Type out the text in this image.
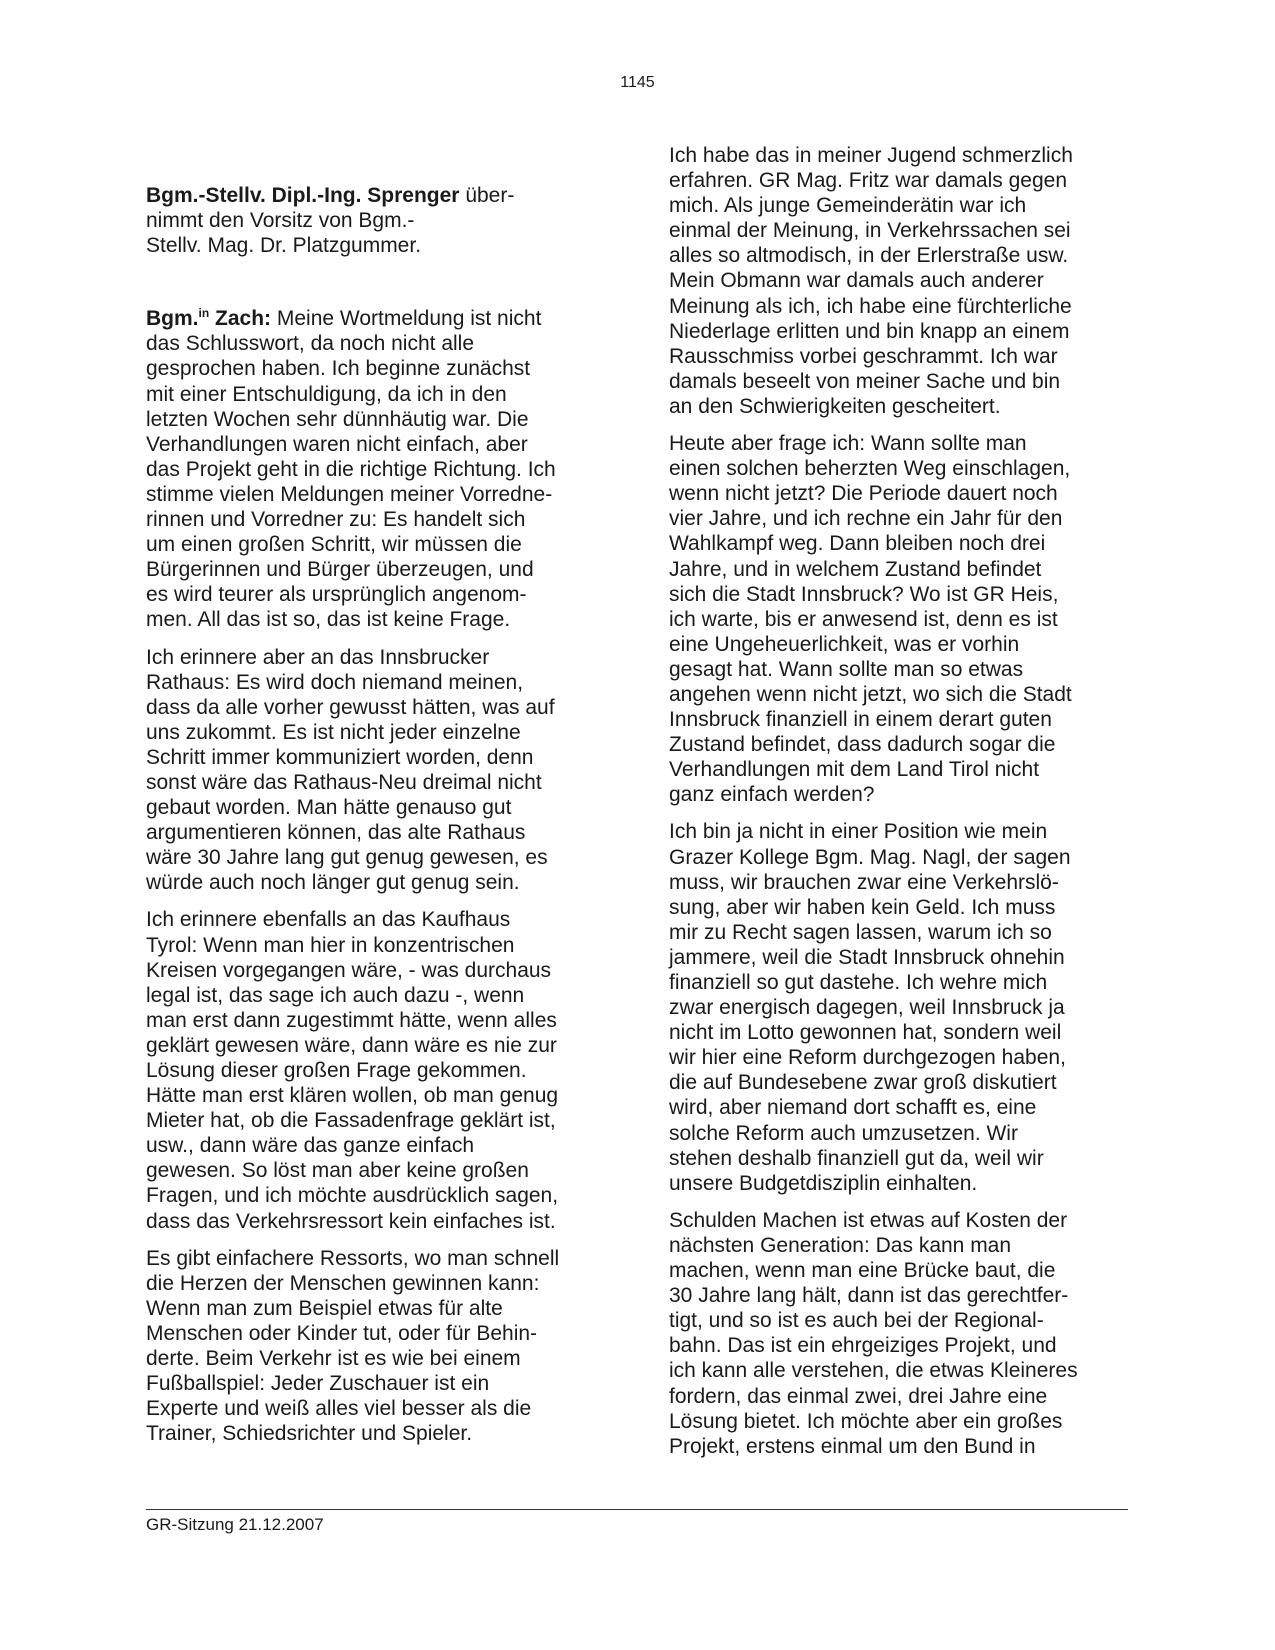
1145

Bgm.-Stellv. Dipl.-Ing. Sprenger über-
nimmt den Vorsitz von Bgm.-
Stellv. Mag. Dr. Platzgummer.

Bgm.$^{in}$ Zach: Meine Wortmeldung ist nicht
das Schlusswort, da noch nicht alle
gesprochen haben. Ich beginne zunächst
mit einer Entschuldigung, da ich in den
letzten Wochen sehr dünnhäutig war. Die
Verhandlungen waren nicht einfach, aber
das Projekt geht in die richtige Richtung. Ich
stimme vielen Meldungen meiner Vorredne-
rinnen und Vorredner zu: Es handelt sich
um einen großen Schritt, wir müssen die
Bürgerinnen und Bürger überzeugen, und
es wird teurer als ursprünglich angenom-
men. All das ist so, das ist keine Frage.

Ich erinnere aber an das Innsbrucker
Rathaus: Es wird doch niemand meinen,
dass da alle vorher gewusst hätten, was auf
uns zukommt. Es ist nicht jeder einzelne
Schritt immer kommuniziert worden, denn
sonst wäre das Rathaus-Neu dreimal nicht
gebaut worden. Man hätte genauso gut
argumentieren können, das alte Rathaus
wäre 30 Jahre lang gut genug gewesen, es
würde auch noch länger gut genug sein.

Ich erinnere ebenfalls an das Kaufhaus
Tyrol: Wenn man hier in konzentrischen
Kreisen vorgegangen wäre, - was durchaus
legal ist, das sage ich auch dazu -, wenn
man erst dann zugestimmt hätte, wenn alles
geklärt gewesen wäre, dann wäre es nie zur
Lösung dieser großen Frage gekommen.
Hätte man erst klären wollen, ob man genug
Mieter hat, ob die Fassadenfrage geklärt ist,
usw., dann wäre das ganze einfach
gewesen. So löst man aber keine großen
Fragen, und ich möchte ausdrücklich sagen,
dass das Verkehrsressort kein einfaches ist.

Es gibt einfachere Ressorts, wo man schnell
die Herzen der Menschen gewinnen kann:
Wenn man zum Beispiel etwas für alte
Menschen oder Kinder tut, oder für Behin-
derte. Beim Verkehr ist es wie bei einem
Fußballspiel: Jeder Zuschauer ist ein
Experte und weiß alles viel besser als die
Trainer, Schiedsrichter und Spieler.

Ich habe das in meiner Jugend schmerzlich
erfahren. GR Mag. Fritz war damals gegen
mich. Als junge Gemeinderätin war ich
einmal der Meinung, in Verkehrssachen sei
alles so altmodisch, in der Erlerstraße usw.
Mein Obmann war damals auch anderer
Meinung als ich, ich habe eine fürchterliche
Niederlage erlitten und bin knapp an einem
Rausschmiss vorbei geschrammt. Ich war
damals beseelt von meiner Sache und bin
an den Schwierigkeiten gescheitert.

Heute aber frage ich: Wann sollte man
einen solchen beherzten Weg einschlagen,
wenn nicht jetzt? Die Periode dauert noch
vier Jahre, und ich rechne ein Jahr für den
Wahlkampf weg. Dann bleiben noch drei
Jahre, und in welchem Zustand befindet
sich die Stadt Innsbruck? Wo ist GR Heis,
ich warte, bis er anwesend ist, denn es ist
eine Ungeheuerlichkeit, was er vorhin
gesagt hat. Wann sollte man so etwas
angehen wenn nicht jetzt, wo sich die Stadt
Innsbruck finanziell in einem derart guten
Zustand befindet, dass dadurch sogar die
Verhandlungen mit dem Land Tirol nicht
ganz einfach werden?

Ich bin ja nicht in einer Position wie mein
Grazer Kollege Bgm. Mag. Nagl, der sagen
muss, wir brauchen zwar eine Verkehrslö-
sung, aber wir haben kein Geld. Ich muss
mir zu Recht sagen lassen, warum ich so
jammere, weil die Stadt Innsbruck ohnehin
finanziell so gut dastehe. Ich wehre mich
zwar energisch dagegen, weil Innsbruck ja
nicht im Lotto gewonnen hat, sondern weil
wir hier eine Reform durchgezogen haben,
die auf Bundesebene zwar groß diskutiert
wird, aber niemand dort schafft es, eine
solche Reform auch umzusetzen. Wir
stehen deshalb finanziell gut da, weil wir
unsere Budgetdisziplin einhalten.

Schulden Machen ist etwas auf Kosten der
nächsten Generation: Das kann man
machen, wenn man eine Brücke baut, die
30 Jahre lang hält, dann ist das gerechtfer-
tigt, und so ist es auch bei der Regional-
bahn. Das ist ein ehrgeiziges Projekt, und
ich kann alle verstehen, die etwas Kleineres
fordern, das einmal zwei, drei Jahre eine
Lösung bietet. Ich möchte aber ein großes
Projekt, erstens einmal um den Bund in

GR-Sitzung 21.12.2007
